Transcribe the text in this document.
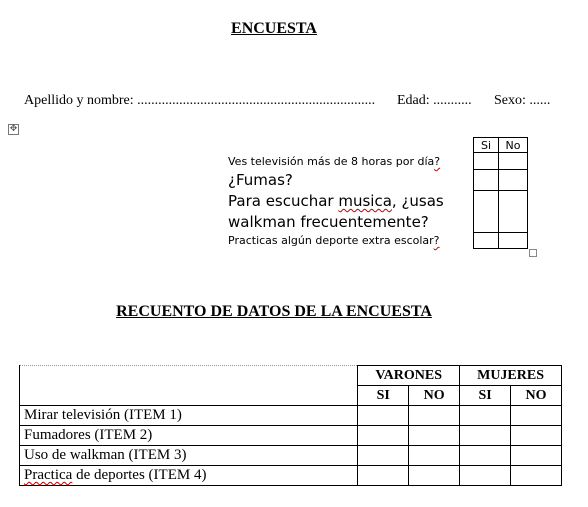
ENCUESTA
Apellido y nombre: .................................................................... Edad: ........... Sexo: ......
✥
Ves televisión más de 8 horas por día?
¿Fumas?
Para escuchar musica, ¿usas
walkman frecuentemente?
Practicas algún deporte extra escolar?
Si	No

RECUENTO DE DATOS DE LA ENCUESTA
	VARONES		MUJERES	
	SI	NO	SI	NO
Mirar televisión (ITEM 1)				
Fumadores (ITEM 2)				
Uso de walkman (ITEM 3)				
Practica de deportes (ITEM 4)				
